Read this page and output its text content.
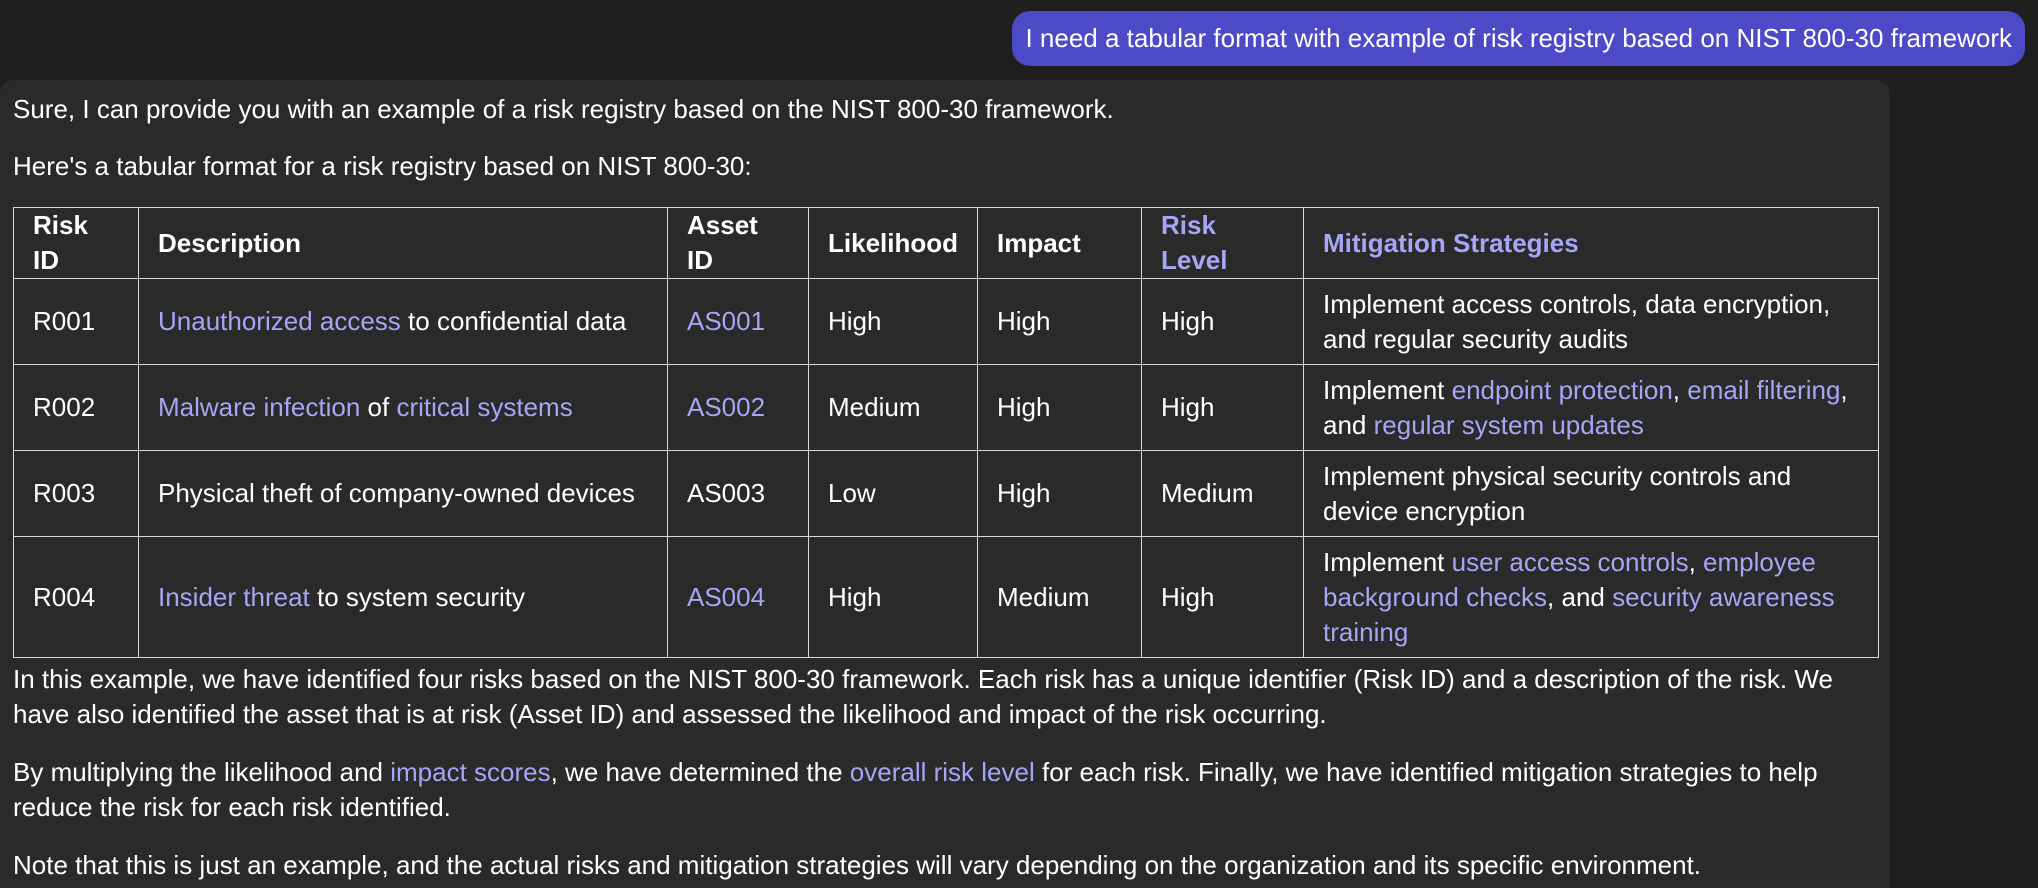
I need a tabular format with example of risk registry based on NIST 800-30 framework

Sure, I can provide you with an example of a risk registry based on the NIST 800-30 framework.

Here's a tabular format for a risk registry based on NIST 800-30:

Risk ID	Description	Asset ID	Likelihood	Impact	Risk Level	Mitigation Strategies
R001	Unauthorized access to confidential data	AS001	High	High	High	Implement access controls, data encryption, and regular security audits
R002	Malware infection of critical systems	AS002	Medium	High	High	Implement endpoint protection, email filtering, and regular system updates
R003	Physical theft of company-owned devices	AS003	Low	High	Medium	Implement physical security controls and device encryption
R004	Insider threat to system security	AS004	High	Medium	High	Implement user access controls, employee background checks, and security awareness training

In this example, we have identified four risks based on the NIST 800-30 framework. Each risk has a unique identifier (Risk ID) and a description of the risk. We have also identified the asset that is at risk (Asset ID) and assessed the likelihood and impact of the risk occurring.

By multiplying the likelihood and impact scores, we have determined the overall risk level for each risk. Finally, we have identified mitigation strategies to help reduce the risk for each risk identified.

Note that this is just an example, and the actual risks and mitigation strategies will vary depending on the organization and its specific environment.
